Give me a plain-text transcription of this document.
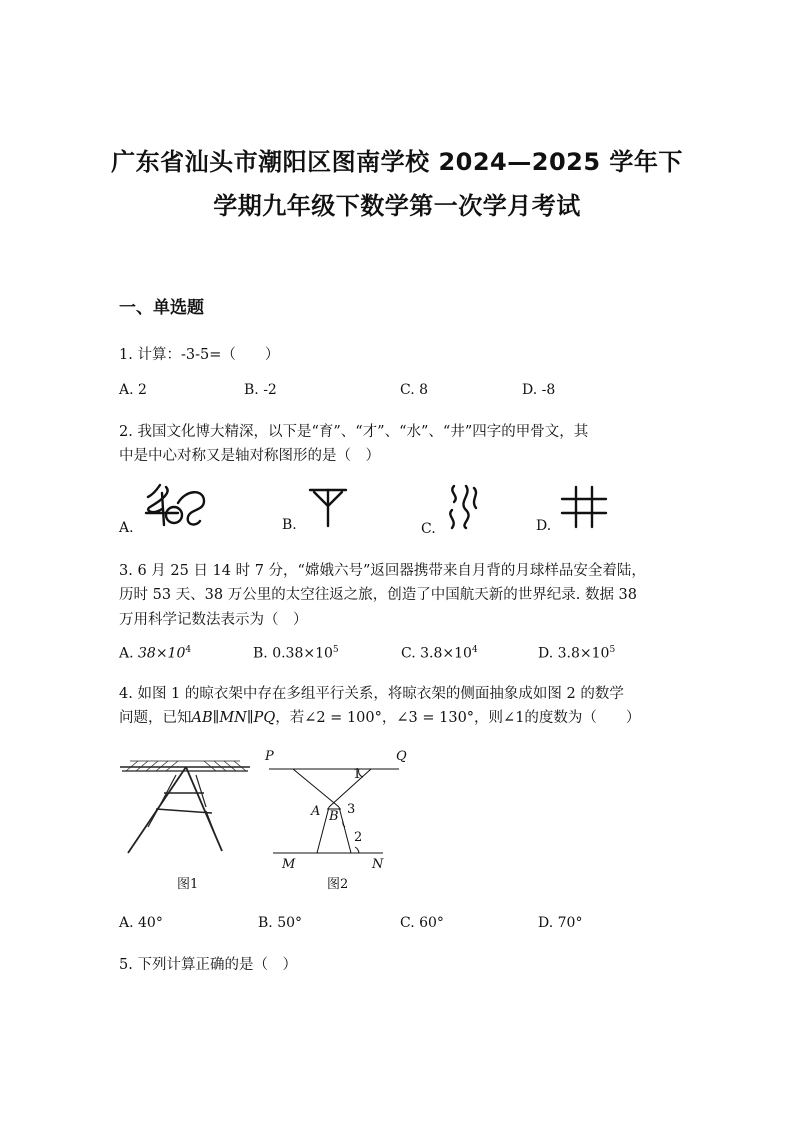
广东省汕头市潮阳区图南学校 2024—2025 学年下
学期九年级下数学第一次学月考试
一、单选题
1. 计算：-3-5=（　　）
A. 2	B. -2	C. 8	D. -8
2. 我国文化博大精深，以下是“育”、“才”、“水”、“井”四字的甲骨文，其
中是中心对称又是轴对称图形的是（　）
A.	B.	C.	D.
3. 6 月 25 日 14 时 7 分，“嫦娥六号”返回器携带来自月背的月球样品安全着陆，
历时 53 天、38 万公里的太空往返之旅，创造了中国航天新的世界纪录. 数据 38
万用科学记数法表示为（　）
A. $38\times 10^4$	B. $0.38\times 10^5$	C. $3.8\times 10^4$	D. $3.8\times 10^5$
4. 如图 1 的晾衣架中存在多组平行关系，将晾衣架的侧面抽象成如图 2 的数学
问题，已知AB∥MN∥PQ，若∠2 = 100°，∠3 = 130°，则∠1的度数为（　　）
图1
P	Q
1
A B 3
2
M	N
图2
A. 40°	B. 50°	C. 60°	D. 70°
5. 下列计算正确的是（　）
